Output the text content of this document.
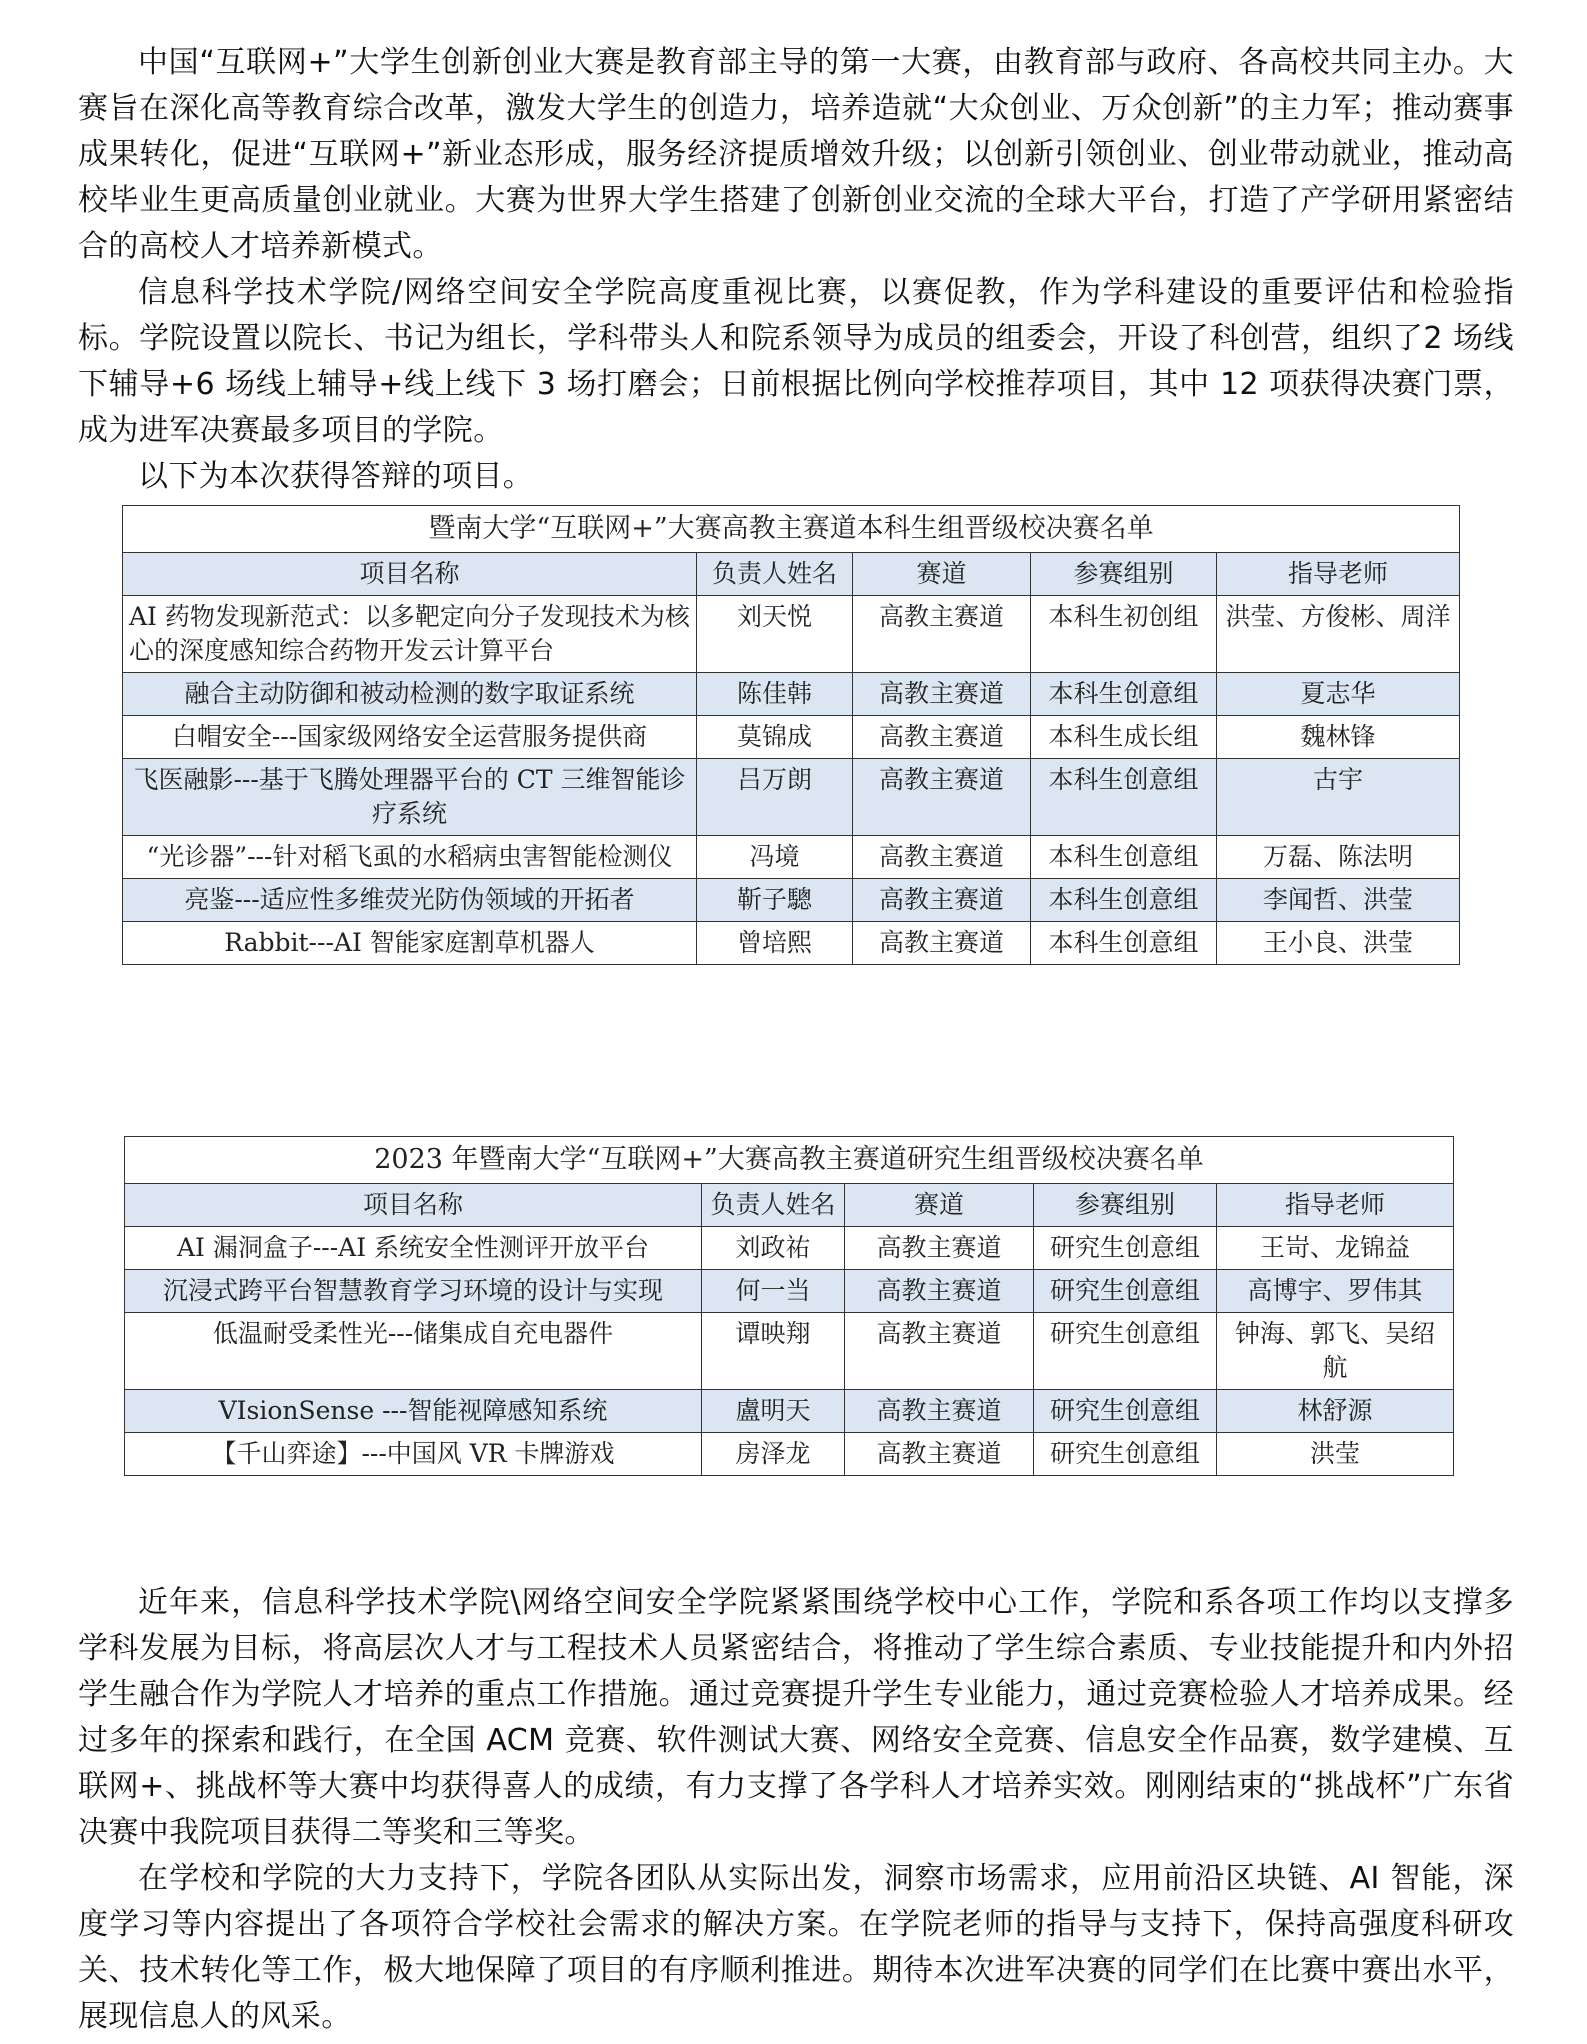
中国“互联网+”大学生创新创业大赛是教育部主导的第一大赛，由教育部与政府、各高校共同主办。大赛旨在深化高等教育综合改革，激发大学生的创造力，培养造就“大众创业、万众创新”的主力军；推动赛事成果转化，促进“互联网+”新业态形成，服务经济提质增效升级；以创新引领创业、创业带动就业，推动高校毕业生更高质量创业就业。大赛为世界大学生搭建了创新创业交流的全球大平台，打造了产学研用紧密结合的高校人才培养新模式。

信息科学技术学院/网络空间安全学院高度重视比赛，以赛促教，作为学科建设的重要评估和检验指标。学院设置以院长、书记为组长，学科带头人和院系领导为成员的组委会，开设了科创营，组织了2 场线下辅导+6 场线上辅导+线上线下 3 场打磨会；日前根据比例向学校推荐项目，其中 12 项获得决赛门票，成为进军决赛最多项目的学院。

以下为本次获得答辩的项目。

暨南大学“互联网+”大赛高教主赛道本科生组晋级校决赛名单				
项目名称	负责人姓名	赛道	参赛组别	指导老师
AI 药物发现新范式：以多靶定向分子发现技术为核心的深度感知综合药物开发云计算平台	刘天悦	高教主赛道	本科生初创组	洪莹、方俊彬、周洋
融合主动防御和被动检测的数字取证系统	陈佳韩	高教主赛道	本科生创意组	夏志华
白帽安全---国家级网络安全运营服务提供商	莫锦成	高教主赛道	本科生成长组	魏林锋
飞医融影---基于飞腾处理器平台的 CT 三维智能诊疗系统	吕万朗	高教主赛道	本科生创意组	古宇
“光诊器”---针对稻飞虱的水稻病虫害智能检测仪	冯境	高教主赛道	本科生创意组	万磊、陈法明
亮鉴---适应性多维荧光防伪领域的开拓者	靳子驄	高教主赛道	本科生创意组	李闻哲、洪莹
Rabbit---AI 智能家庭割草机器人	曾培熙	高教主赛道	本科生创意组	王小良、洪莹
2023 年暨南大学“互联网+”大赛高教主赛道研究生组晋级校决赛名单				
项目名称	负责人姓名	赛道	参赛组别	指导老师
AI 漏洞盒子---AI 系统安全性测评开放平台	刘政祐	高教主赛道	研究生创意组	王岢、龙锦益
沉浸式跨平台智慧教育学习环境的设计与实现	何一当	高教主赛道	研究生创意组	高博宇、罗伟其
低温耐受柔性光---储集成自充电器件	谭映翔	高教主赛道	研究生创意组	钟海、郭飞、吴绍航
VIsionSense ---智能视障感知系统	盧明天	高教主赛道	研究生创意组	林舒源
【千山弈途】---中国风 VR 卡牌游戏	房泽龙	高教主赛道	研究生创意组	洪莹

近年来，信息科学技术学院\网络空间安全学院紧紧围绕学校中心工作，学院和系各项工作均以支撑多学科发展为目标，将高层次人才与工程技术人员紧密结合，将推动了学生综合素质、专业技能提升和内外招学生融合作为学院人才培养的重点工作措施。通过竞赛提升学生专业能力，通过竞赛检验人才培养成果。经过多年的探索和践行，在全国 ACM 竞赛、软件测试大赛、网络安全竞赛、信息安全作品赛，数学建模、互联网+、挑战杯等大赛中均获得喜人的成绩，有力支撑了各学科人才培养实效。刚刚结束的“挑战杯”广东省决赛中我院项目获得二等奖和三等奖。

在学校和学院的大力支持下，学院各团队从实际出发，洞察市场需求，应用前沿区块链、AI 智能，深度学习等内容提出了各项符合学校社会需求的解决方案。在学院老师的指导与支持下，保持高强度科研攻关、技术转化等工作，极大地保障了项目的有序顺利推进。期待本次进军决赛的同学们在比赛中赛出水平，展现信息人的风采。
